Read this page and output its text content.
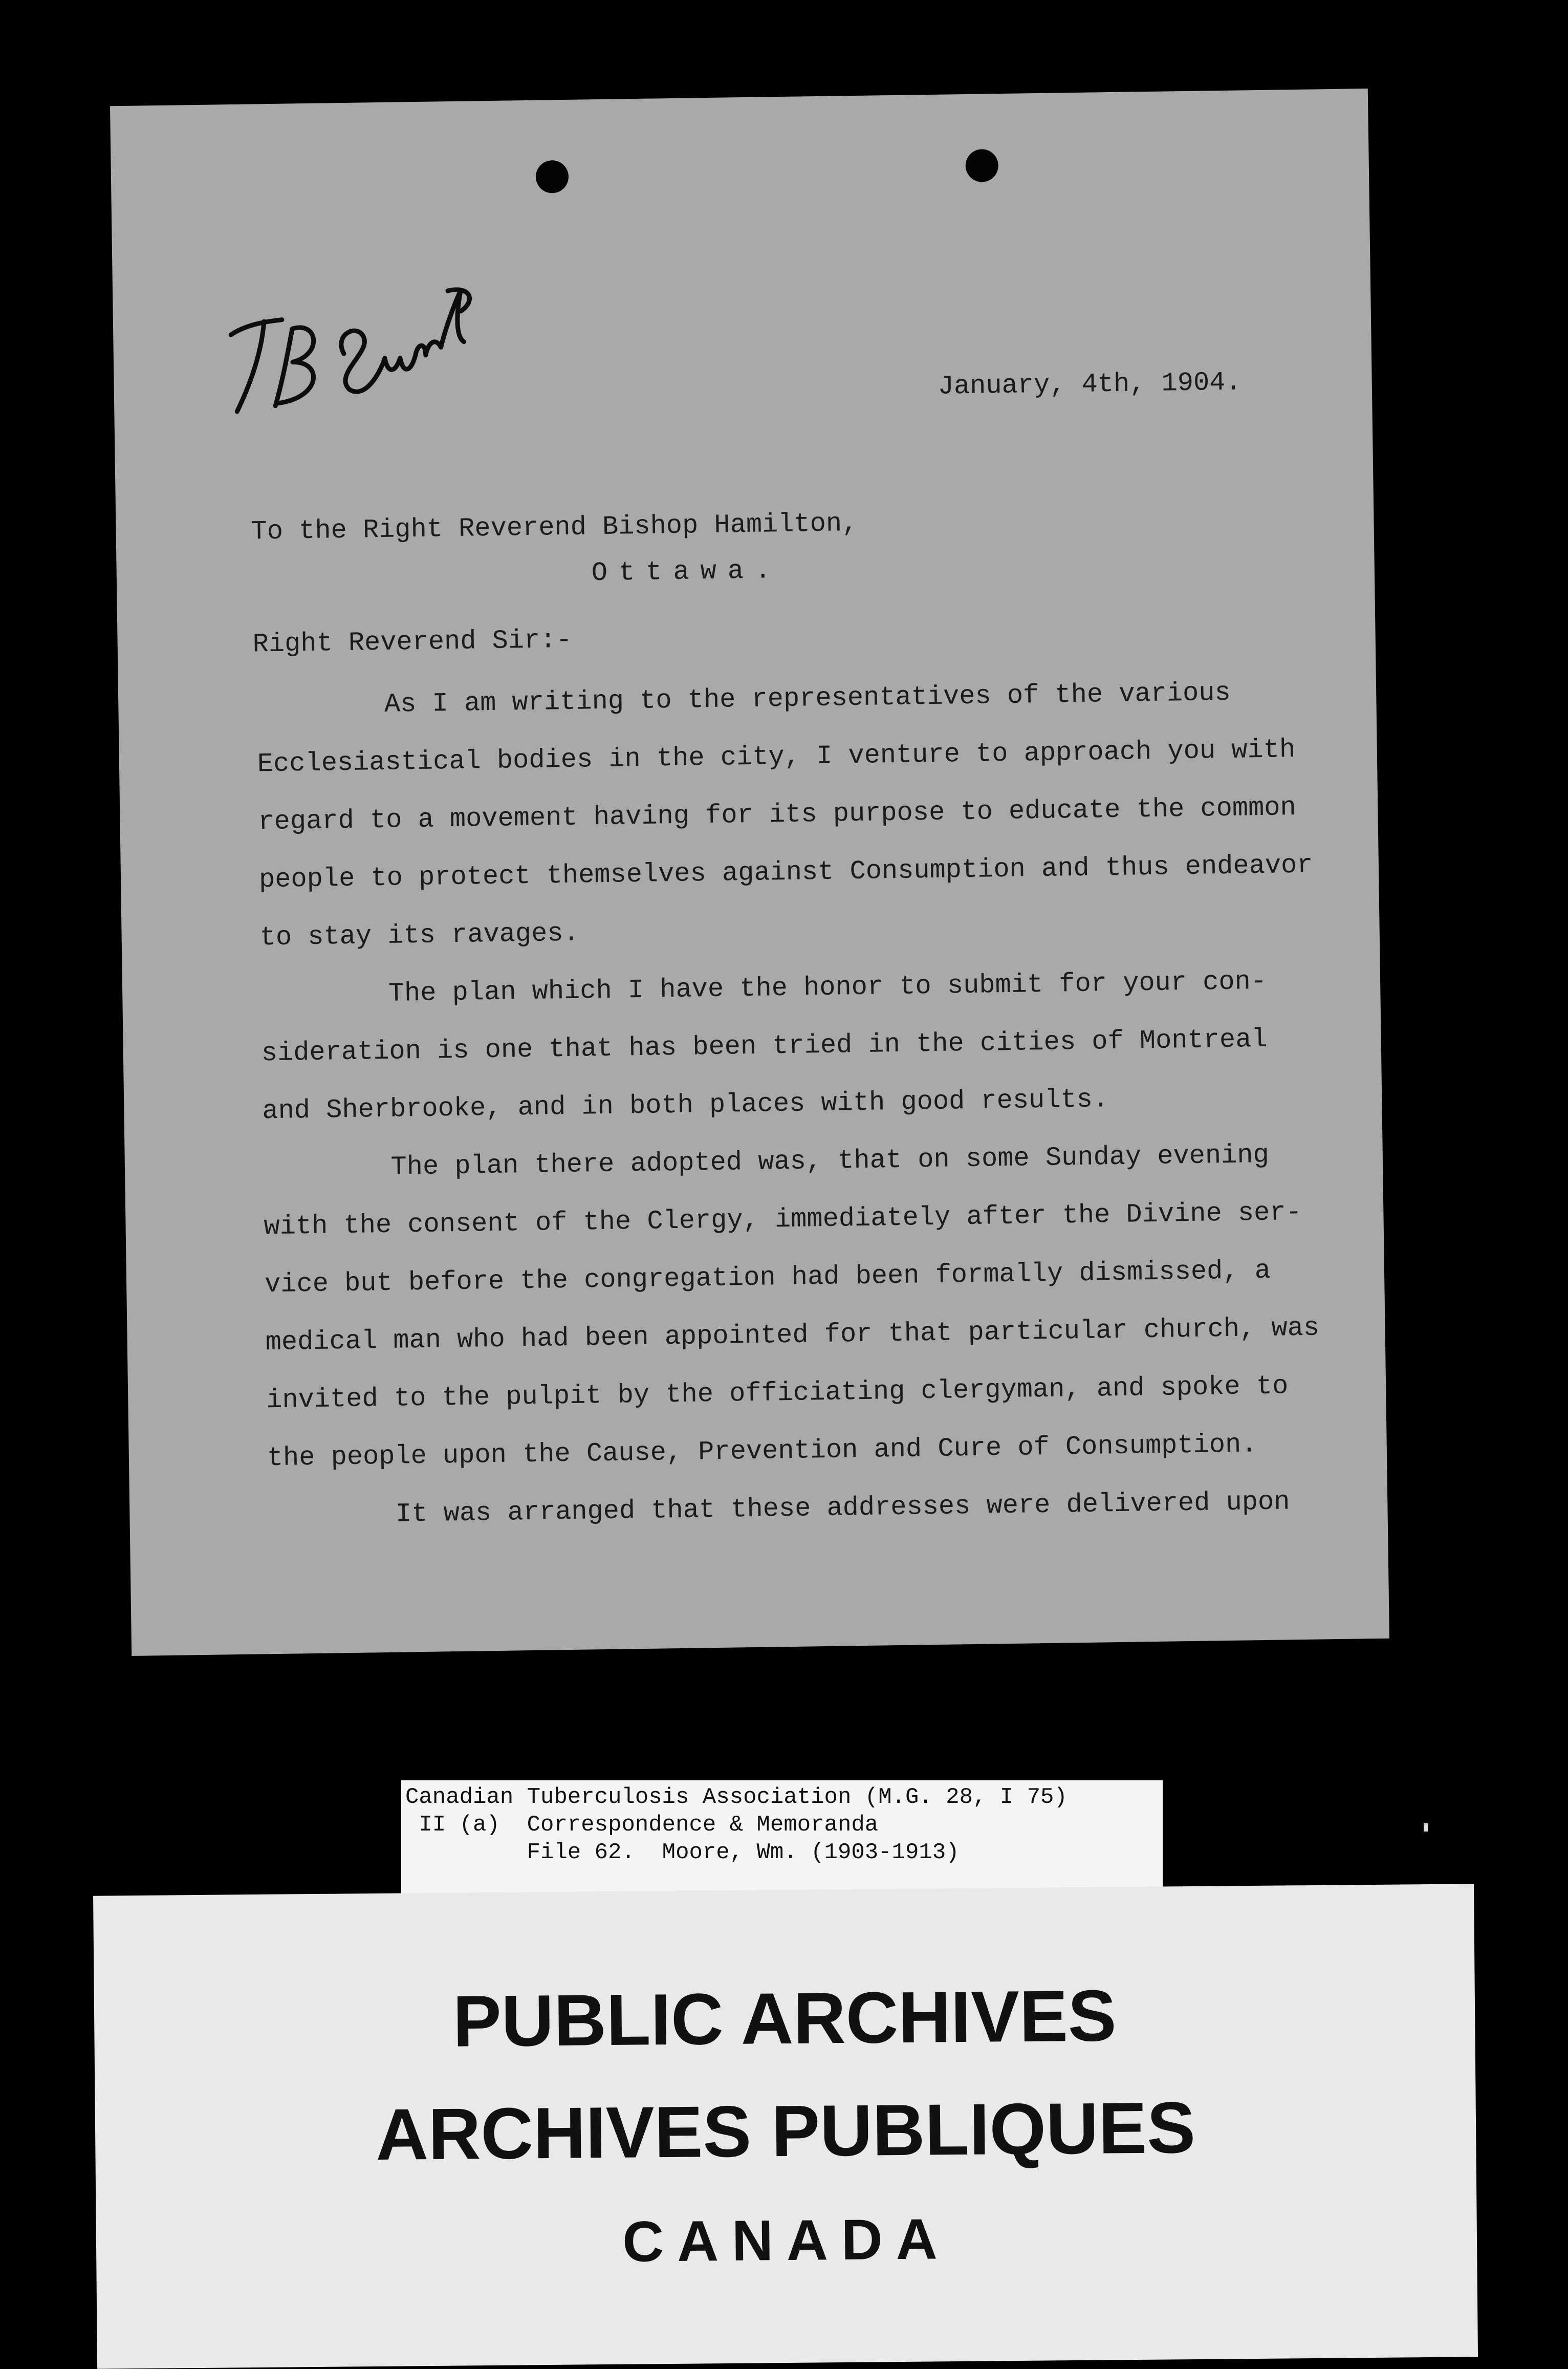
January, 4th, 1904.
To the Right Reverend Bishop Hamilton,
Ottawa.
Right Reverend Sir:-
As I am writing to the representatives of the various
Ecclesiastical bodies in the city, I venture to approach you with
regard to a movement having for its purpose to educate the common
people to protect themselves against Consumption and thus endeavor
to stay its ravages.
The plan which I have the honor to submit for your con-
sideration is one that has been tried in the cities of Montreal
and Sherbrooke, and in both places with good results.
The plan there adopted was, that on some Sunday evening
with the consent of the Clergy, immediately after the Divine ser-
vice but before the congregation had been formally dismissed, a
medical man who had been appointed for that particular church, was
invited to the pulpit by the officiating clergyman, and spoke to
the people upon the Cause, Prevention and Cure of Consumption.
It was arranged that these addresses were delivered upon
Canadian Tuberculosis Association (M.G. 28, I 75)
II (a)  Correspondence & Memoranda
File 62.  Moore, Wm. (1903-1913)
PUBLIC ARCHIVES
ARCHIVES PUBLIQUES
CANADA
